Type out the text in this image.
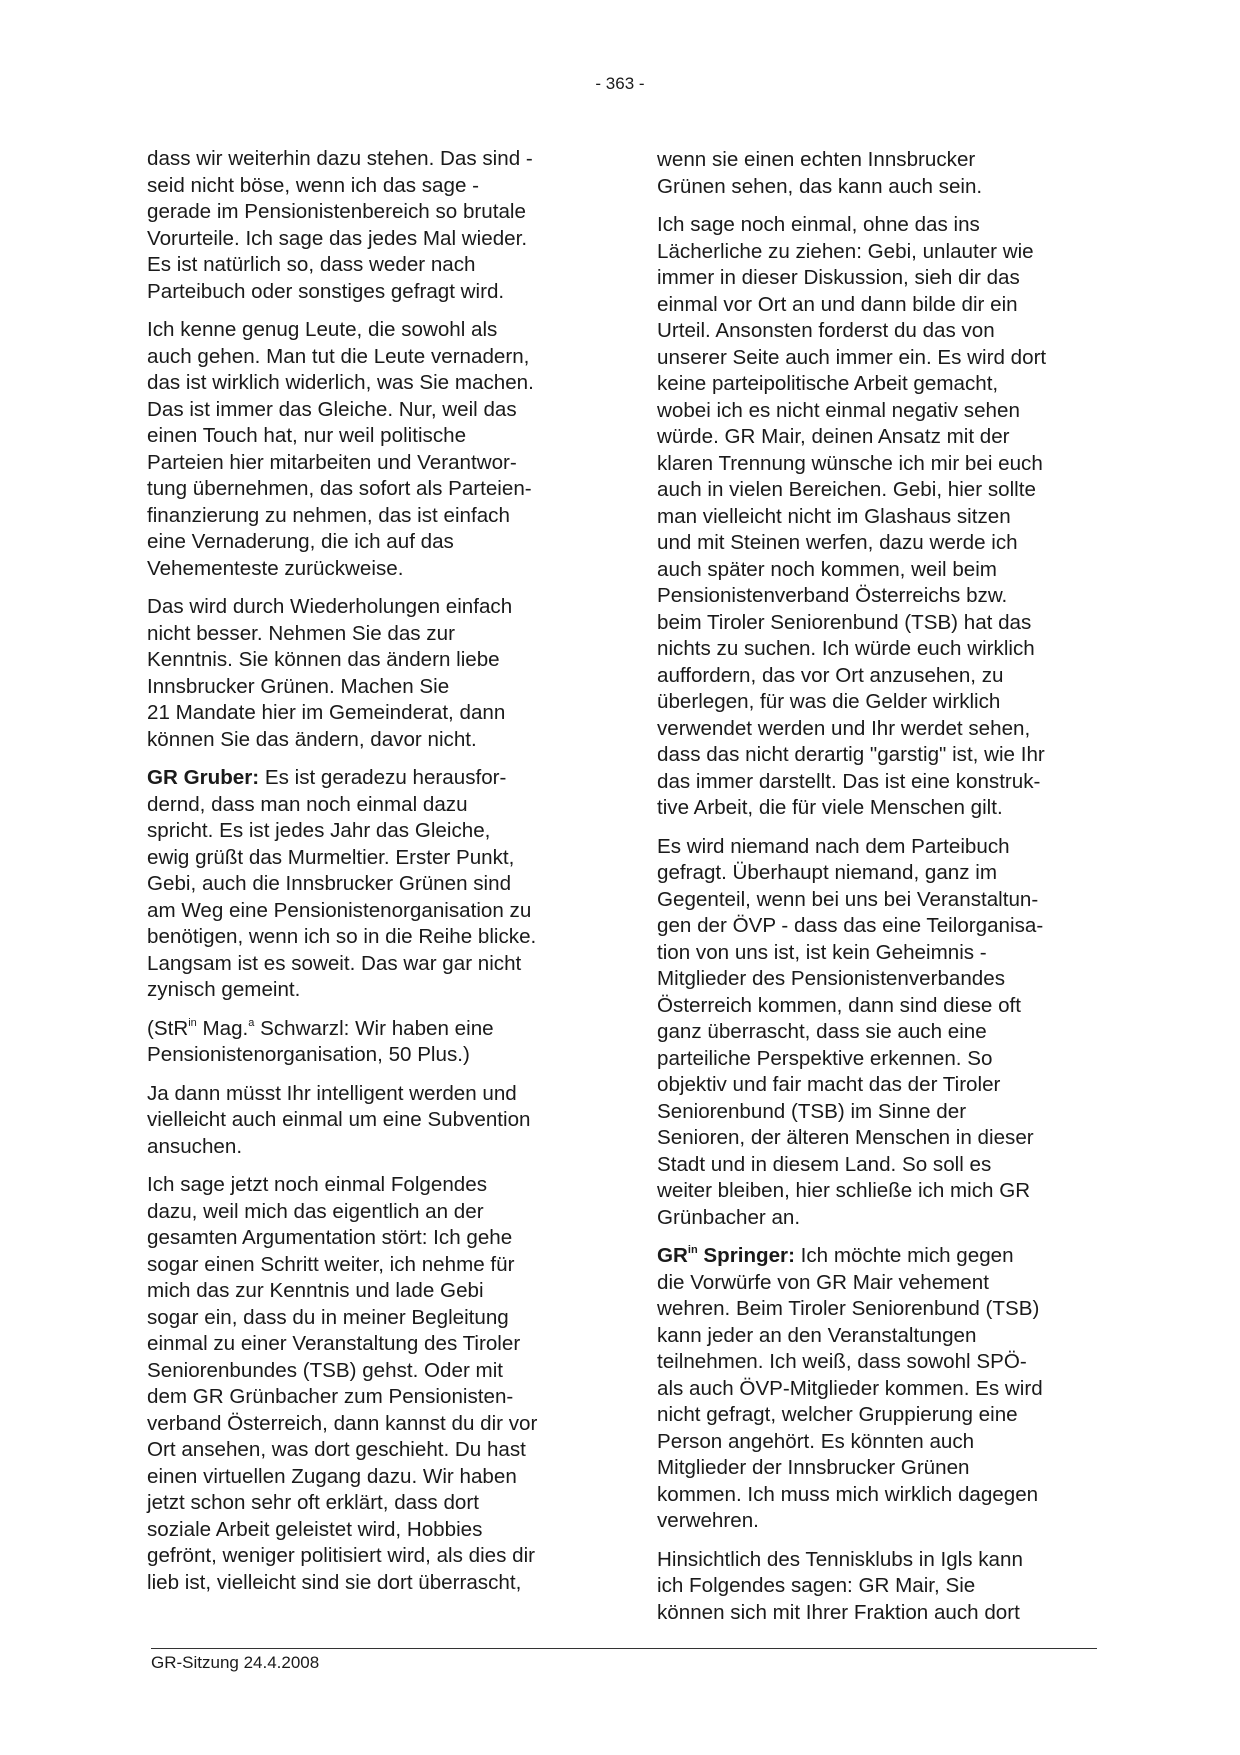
- 363 -

dass wir weiterhin dazu stehen. Das sind -
seid nicht böse, wenn ich das sage -
gerade im Pensionistenbereich so brutale
Vorurteile. Ich sage das jedes Mal wieder.
Es ist natürlich so, dass weder nach
Parteibuch oder sonstiges gefragt wird.

Ich kenne genug Leute, die sowohl als
auch gehen. Man tut die Leute vernadern,
das ist wirklich widerlich, was Sie machen.
Das ist immer das Gleiche. Nur, weil das
einen Touch hat, nur weil politische
Parteien hier mitarbeiten und Verantwor-
tung übernehmen, das sofort als Parteien-
finanzierung zu nehmen, das ist einfach
eine Vernaderung, die ich auf das
Vehementeste zurückweise.

Das wird durch Wiederholungen einfach
nicht besser. Nehmen Sie das zur
Kenntnis. Sie können das ändern liebe
Innsbrucker Grünen. Machen Sie
21 Mandate hier im Gemeinderat, dann
können Sie das ändern, davor nicht.

GR Gruber: Es ist geradezu herausfor-
dernd, dass man noch einmal dazu
spricht. Es ist jedes Jahr das Gleiche,
ewig grüßt das Murmeltier. Erster Punkt,
Gebi, auch die Innsbrucker Grünen sind
am Weg eine Pensionistenorganisation zu
benötigen, wenn ich so in die Reihe blicke.
Langsam ist es soweit. Das war gar nicht
zynisch gemeint.

(StR$^{in}$ Mag.$^a$ Schwarzl: Wir haben eine
Pensionistenorganisation, 50 Plus.)

Ja dann müsst Ihr intelligent werden und
vielleicht auch einmal um eine Subvention
ansuchen.

Ich sage jetzt noch einmal Folgendes
dazu, weil mich das eigentlich an der
gesamten Argumentation stört: Ich gehe
sogar einen Schritt weiter, ich nehme für
mich das zur Kenntnis und lade Gebi
sogar ein, dass du in meiner Begleitung
einmal zu einer Veranstaltung des Tiroler
Seniorenbundes (TSB) gehst. Oder mit
dem GR Grünbacher zum Pensionisten-
verband Österreich, dann kannst du dir vor
Ort ansehen, was dort geschieht. Du hast
einen virtuellen Zugang dazu. Wir haben
jetzt schon sehr oft erklärt, dass dort
soziale Arbeit geleistet wird, Hobbies
gefrönt, weniger politisiert wird, als dies dir
lieb ist, vielleicht sind sie dort überrascht,

wenn sie einen echten Innsbrucker
Grünen sehen, das kann auch sein.

Ich sage noch einmal, ohne das ins
Lächerliche zu ziehen: Gebi, unlauter wie
immer in dieser Diskussion, sieh dir das
einmal vor Ort an und dann bilde dir ein
Urteil. Ansonsten forderst du das von
unserer Seite auch immer ein. Es wird dort
keine parteipolitische Arbeit gemacht,
wobei ich es nicht einmal negativ sehen
würde. GR Mair, deinen Ansatz mit der
klaren Trennung wünsche ich mir bei euch
auch in vielen Bereichen. Gebi, hier sollte
man vielleicht nicht im Glashaus sitzen
und mit Steinen werfen, dazu werde ich
auch später noch kommen, weil beim
Pensionistenverband Österreichs bzw.
beim Tiroler Seniorenbund (TSB) hat das
nichts zu suchen. Ich würde euch wirklich
auffordern, das vor Ort anzusehen, zu
überlegen, für was die Gelder wirklich
verwendet werden und Ihr werdet sehen,
dass das nicht derartig "garstig" ist, wie Ihr
das immer darstellt. Das ist eine konstruk-
tive Arbeit, die für viele Menschen gilt.

Es wird niemand nach dem Parteibuch
gefragt. Überhaupt niemand, ganz im
Gegenteil, wenn bei uns bei Veranstaltun-
gen der ÖVP - dass das eine Teilorganisa-
tion von uns ist, ist kein Geheimnis -
Mitglieder des Pensionistenverbandes
Österreich kommen, dann sind diese oft
ganz überrascht, dass sie auch eine
parteiliche Perspektive erkennen. So
objektiv und fair macht das der Tiroler
Seniorenbund (TSB) im Sinne der
Senioren, der älteren Menschen in dieser
Stadt und in diesem Land. So soll es
weiter bleiben, hier schließe ich mich GR
Grünbacher an.

$GR^{in}$ Springer: Ich möchte mich gegen
die Vorwürfe von GR Mair vehement
wehren. Beim Tiroler Seniorenbund (TSB)
kann jeder an den Veranstaltungen
teilnehmen. Ich weiß, dass sowohl SPÖ-
als auch ÖVP-Mitglieder kommen. Es wird
nicht gefragt, welcher Gruppierung eine
Person angehört. Es könnten auch
Mitglieder der Innsbrucker Grünen
kommen. Ich muss mich wirklich dagegen
verwehren.

Hinsichtlich des Tennisklubs in Igls kann
ich Folgendes sagen: GR Mair, Sie
können sich mit Ihrer Fraktion auch dort

GR-Sitzung 24.4.2008
